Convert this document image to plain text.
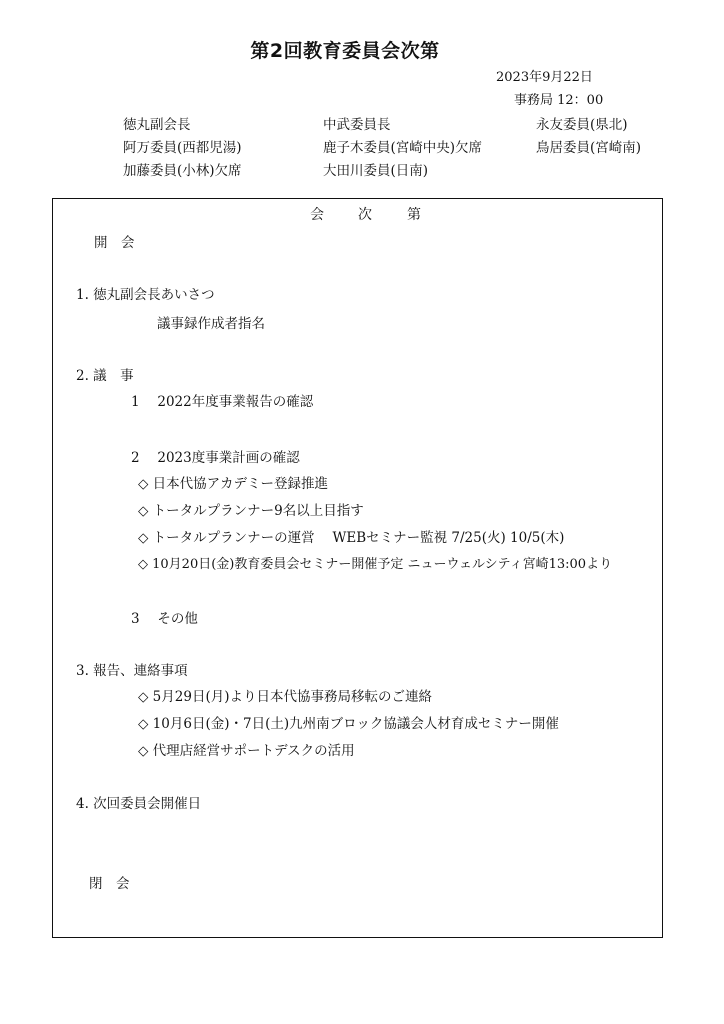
第2回教育委員会次第
2023年9月22日
事務局 12：00
徳丸副会長	中武委員長	永友委員(県北)
阿万委員(西都児湯)	鹿子木委員(宮崎中央)欠席	鳥居委員(宮崎南)
加藤委員(小林)欠席	大田川委員(日南)
会 次 第
開　会
1. 徳丸副会長あいさつ
議事録作成者指名
2. 議　事
1　 2022年度事業報告の確認
2　 2023度事業計画の確認
◇ 日本代協アカデミー登録推進
◇ トータルプランナー9名以上目指す
◇ トータルプランナーの運営　 WEBセミナー監視 7/25(火) 10/5(木)
◇ 10月20日(金)教育委員会セミナー開催予定 ニューウェルシティ宮崎13:00より
3　 その他
3. 報告、連絡事項
◇ 5月29日(月)より日本代協事務局移転のご連絡
◇ 10月6日(金)・7日(土)九州南ブロック協議会人材育成セミナー開催
◇ 代理店経営サポートデスクの活用
4. 次回委員会開催日
閉　会
